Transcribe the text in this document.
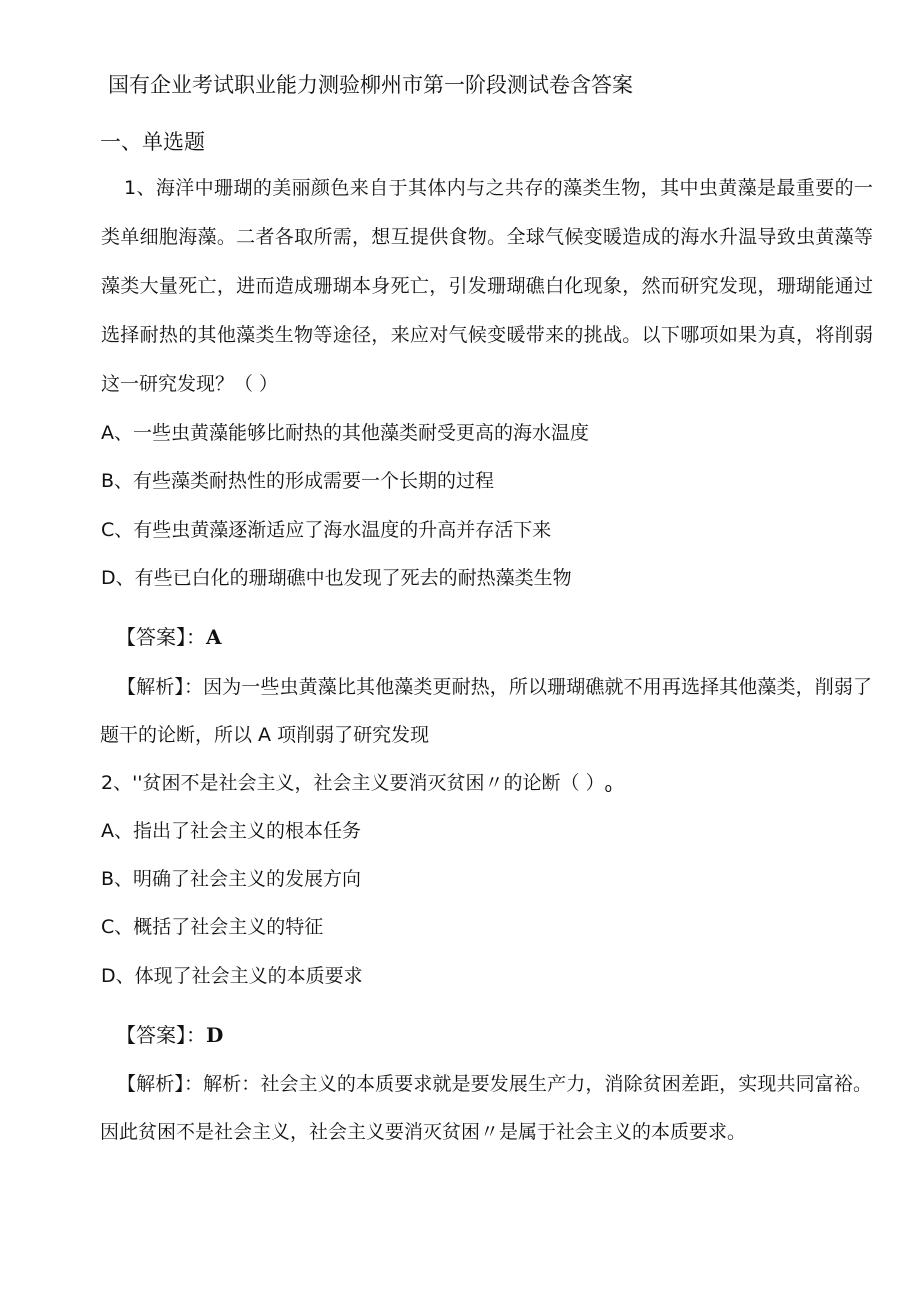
国有企业考试职业能力测验柳州市第一阶段测试卷含答案
一、单选题
1、海洋中珊瑚的美丽颜色来自于其体内与之共存的藻类生物，其中虫黄藻是最重要的一类单细胞海藻。二者各取所需，想互提供食物。全球气候变暖造成的海水升温导致虫黄藻等藻类大量死亡，进而造成珊瑚本身死亡，引发珊瑚礁白化现象，然而研究发现，珊瑚能通过选择耐热的其他藻类生物等途径，来应对气候变暖带来的挑战。以下哪项如果为真，将削弱这一研究发现？（ ）
A、一些虫黄藻能够比耐热的其他藻类耐受更高的海水温度
B、有些藻类耐热性的形成需要一个长期的过程
C、有些虫黄藻逐渐适应了海水温度的升高并存活下来
D、有些已白化的珊瑚礁中也发现了死去的耐热藻类生物
【答案】：A
【解析】：因为一些虫黄藻比其他藻类更耐热，所以珊瑚礁就不用再选择其他藻类，削弱了题干的论断，所以 A 项削弱了研究发现
2、''贫困不是社会主义，社会主义要消灭贫困〃的论断（ ）o
A、指出了社会主义的根本任务
B、明确了社会主义的发展方向
C、概括了社会主义的特征
D、体现了社会主义的本质要求
【答案】：D
【解析】：解析：社会主义的本质要求就是要发展生产力，消除贫困差距，实现共同富裕。因此贫困不是社会主义，社会主义要消灭贫困〃是属于社会主义的本质要求。
